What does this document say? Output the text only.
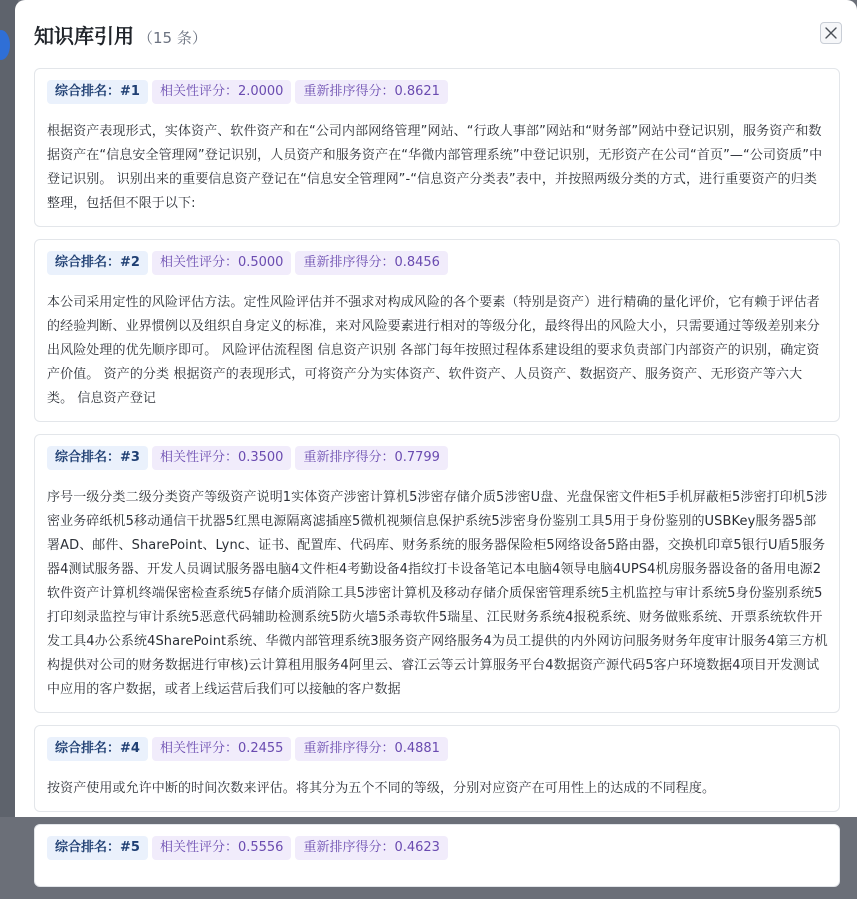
知识库引用 （15 条）
综合排名：#1 相关性评分：2.0000 重新排序得分：0.8621
根据资产表现形式，实体资产、软件资产和在“公司内部网络管理”网站、“行政人事部”网站和“财务部”网站中登记识别，服务资产和数据资产在“信息安全管理网”登记识别，人员资产和服务资产在“华微内部管理系统”中登记识别，无形资产在公司“首页”—“公司资质”中登记识别。 识别出来的重要信息资产登记在“信息安全管理网”-“信息资产分类表”表中，并按照两级分类的方式，进行重要资产的归类整理，包括但不限于以下:
综合排名：#2 相关性评分：0.5000 重新排序得分：0.8456
本公司采用定性的风险评估方法。定性风险评估并不强求对构成风险的各个要素（特别是资产）进行精确的量化评价，它有赖于评估者的经验判断、业界惯例以及组织自身定义的标准，来对风险要素进行相对的等级分化，最终得出的风险大小，只需要通过等级差别来分出风险处理的优先顺序即可。 风险评估流程图 信息资产识别 各部门每年按照过程体系建设组的要求负责部门内部资产的识别，确定资产价值。 资产的分类 根据资产的表现形式，可将资产分为实体资产、软件资产、人员资产、数据资产、服务资产、无形资产等六大类。 信息资产登记
综合排名：#3 相关性评分：0.3500 重新排序得分：0.7799
序号一级分类二级分类资产等级资产说明1实体资产涉密计算机5涉密存储介质5涉密U盘、光盘保密文件柜5手机屏蔽柜5涉密打印机5涉密业务碎纸机5移动通信干扰器5红黑电源隔离滤插座5微机视频信息保护系统5涉密身份鉴别工具5用于身份鉴别的USBKey服务器5部署AD、邮件、SharePoint、Lync、证书、配置库、代码库、财务系统的服务器保险柜5网络设备5路由器，交换机印章5银行U盾5服务器4测试服务器、开发人员调试服务器电脑4文件柜4考勤设备4指纹打卡设备笔记本电脑4领导电脑4UPS4机房服务器设备的备用电源2软件资产计算机终端保密检查系统5存储介质消除工具5涉密计算机及移动存储介质保密管理系统5主机监控与审计系统5身份鉴别系统5打印刻录监控与审计系统5恶意代码辅助检测系统5防火墙5杀毒软件5瑞星、江民财务系统4报税系统、财务做账系统、开票系统软件开发工具4办公系统4SharePoint系统、华微内部管理系统3服务资产网络服务4为员工提供的内外网访问服务财务年度审计服务4第三方机构提供对公司的财务数据进行审核)云计算租用服务4阿里云、睿江云等云计算服务平台4数据资产源代码5客户环境数据4项目开发测试中应用的客户数据，或者上线运营后我们可以接触的客户数据
综合排名：#4 相关性评分：0.2455 重新排序得分：0.4881
按资产使用或允许中断的时间次数来评估。将其分为五个不同的等级，分别对应资产在可用性上的达成的不同程度。
综合排名：#5 相关性评分：0.5556 重新排序得分：0.4623
